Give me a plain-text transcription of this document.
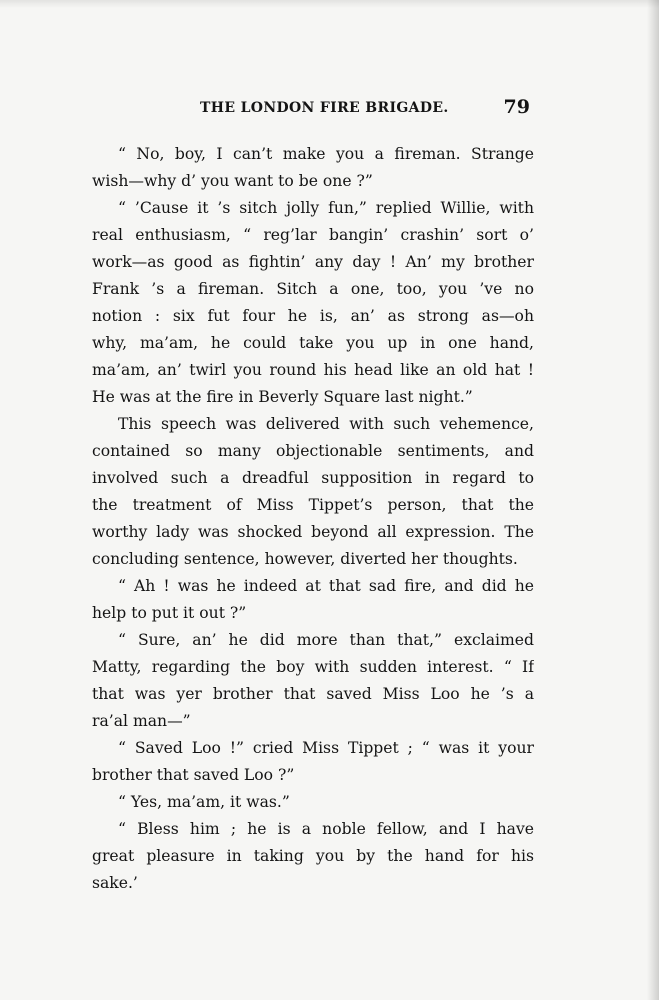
THE LONDON FIRE BRIGADE.	79
“ No, boy, I can’t make you a fireman. Strange
wish—why d’ you want to be one ?”
“ ’Cause it ’s sitch jolly fun,” replied Willie, with
real enthusiasm, “ reg’lar bangin’ crashin’ sort o’
work—as good as fightin’ any day ! An’ my brother
Frank ’s a fireman. Sitch a one, too, you ’ve no
notion : six fut four he is, an’ as strong as—oh
why, ma’am, he could take you up in one hand,
ma’am, an’ twirl you round his head like an old hat !
He was at the fire in Beverly Square last night.”
This speech was delivered with such vehemence,
contained so many objectionable sentiments, and
involved such a dreadful supposition in regard to
the treatment of Miss Tippet’s person, that the
worthy lady was shocked beyond all expression. The
concluding sentence, however, diverted her thoughts.
“ Ah ! was he indeed at that sad fire, and did he
help to put it out ?”
“ Sure, an’ he did more than that,” exclaimed
Matty, regarding the boy with sudden interest. “ If
that was yer brother that saved Miss Loo he ’s a
ra’al man—”
“ Saved Loo !” cried Miss Tippet ; “ was it your
brother that saved Loo ?”
“ Yes, ma’am, it was.”
“ Bless him ; he is a noble fellow, and I have
great pleasure in taking you by the hand for his
sake.’
